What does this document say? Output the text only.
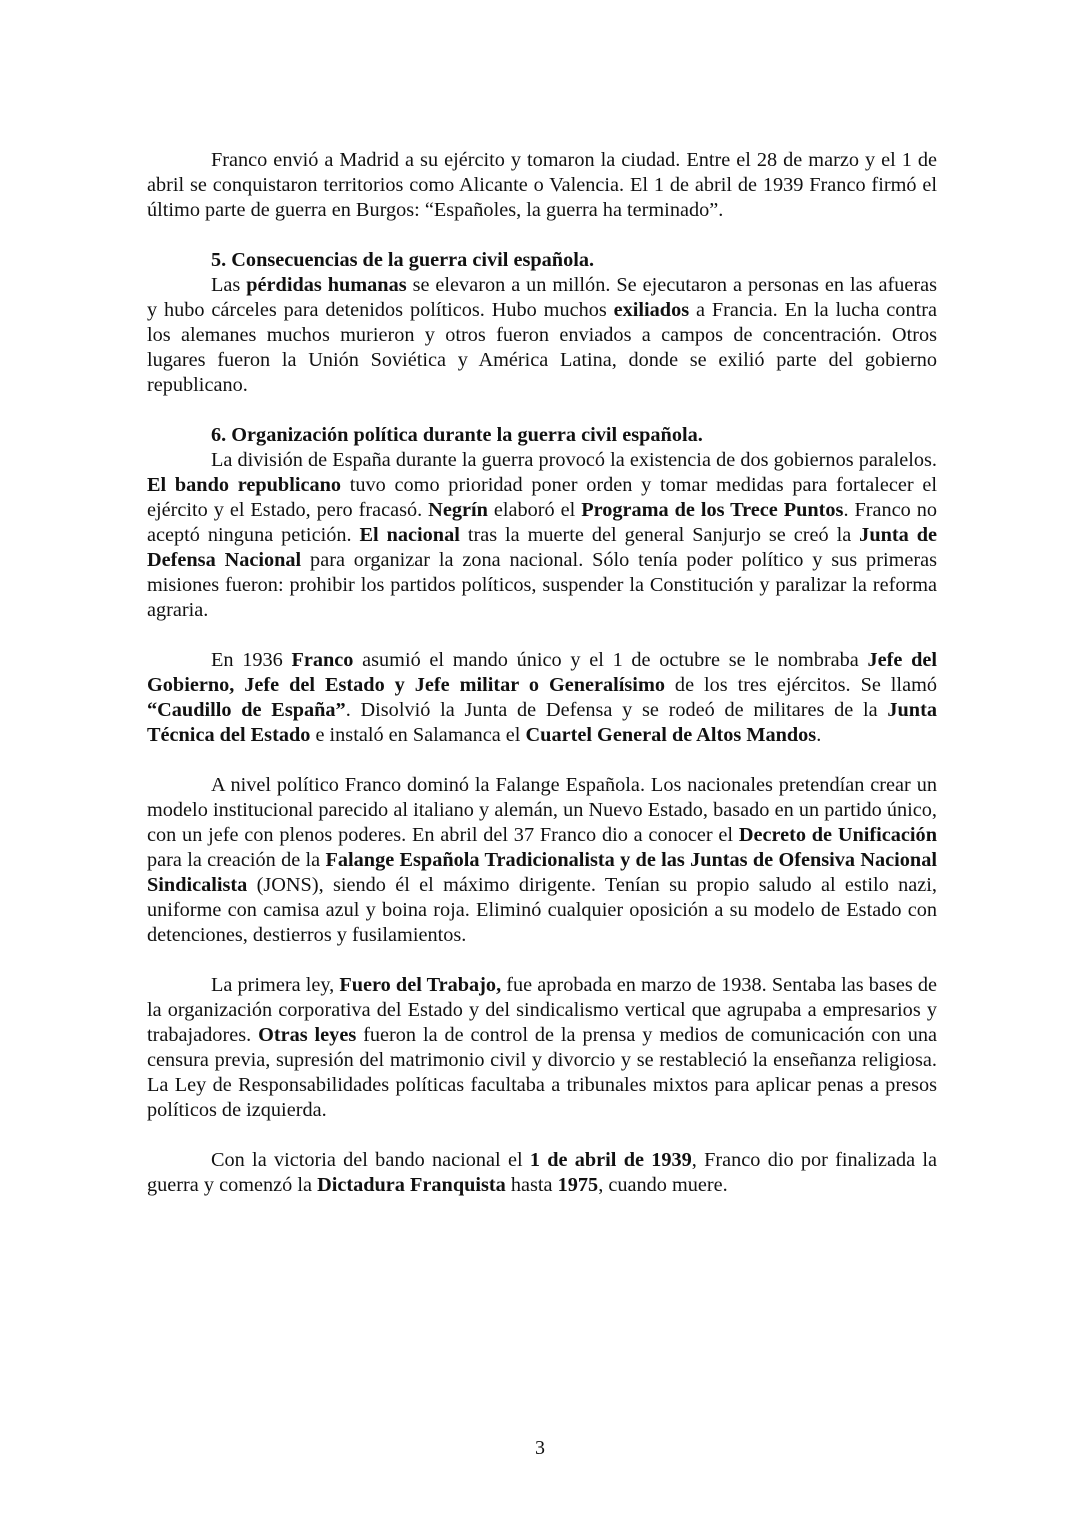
Franco envió a Madrid a su ejército y tomaron la ciudad. Entre el 28 de marzo y el 1 de abril se conquistaron territorios como Alicante o Valencia. El 1 de abril de 1939 Franco firmó el último parte de guerra en Burgos: “Españoles, la guerra ha terminado”.

5. Consecuencias de la guerra civil española.

Las pérdidas humanas se elevaron a un millón. Se ejecutaron a personas en las afueras y hubo cárceles para detenidos políticos. Hubo muchos exiliados a Francia. En la lucha contra los alemanes muchos murieron y otros fueron enviados a campos de concentración. Otros lugares fueron la Unión Soviética y América Latina, donde se exilió parte del gobierno republicano.

6. Organización política durante la guerra civil española.

La división de España durante la guerra provocó la existencia de dos gobiernos paralelos. El bando republicano tuvo como prioridad poner orden y tomar medidas para fortalecer el ejército y el Estado, pero fracasó. Negrín elaboró el Programa de los Trece Puntos. Franco no aceptó ninguna petición. El nacional tras la muerte del general Sanjurjo se creó la Junta de Defensa Nacional para organizar la zona nacional. Sólo tenía poder político y sus primeras misiones fueron: prohibir los partidos políticos, suspender la Constitución y paralizar la reforma agraria.

En 1936 Franco asumió el mando único y el 1 de octubre se le nombraba Jefe del Gobierno, Jefe del Estado y Jefe militar o Generalísimo de los tres ejércitos. Se llamó “Caudillo de España”. Disolvió la Junta de Defensa y se rodeó de militares de la Junta Técnica del Estado e instaló en Salamanca el Cuartel General de Altos Mandos.

A nivel político Franco dominó la Falange Española. Los nacionales pretendían crear un modelo institucional parecido al italiano y alemán, un Nuevo Estado, basado en un partido único, con un jefe con plenos poderes. En abril del 37 Franco dio a conocer el Decreto de Unificación para la creación de la Falange Española Tradicionalista y de las Juntas de Ofensiva Nacional Sindicalista (JONS), siendo él el máximo dirigente. Tenían su propio saludo al estilo nazi, uniforme con camisa azul y boina roja. Eliminó cualquier oposición a su modelo de Estado con detenciones, destierros y fusilamientos.

La primera ley, Fuero del Trabajo, fue aprobada en marzo de 1938. Sentaba las bases de la organización corporativa del Estado y del sindicalismo vertical que agrupaba a empresarios y trabajadores. Otras leyes fueron la de control de la prensa y medios de comunicación con una censura previa, supresión del matrimonio civil y divorcio y se restableció la enseñanza religiosa. La Ley de Responsabilidades políticas facultaba a tribunales mixtos para aplicar penas a presos políticos de izquierda.

Con la victoria del bando nacional el 1 de abril de 1939, Franco dio por finalizada la guerra y comenzó la Dictadura Franquista hasta 1975, cuando muere.

3
